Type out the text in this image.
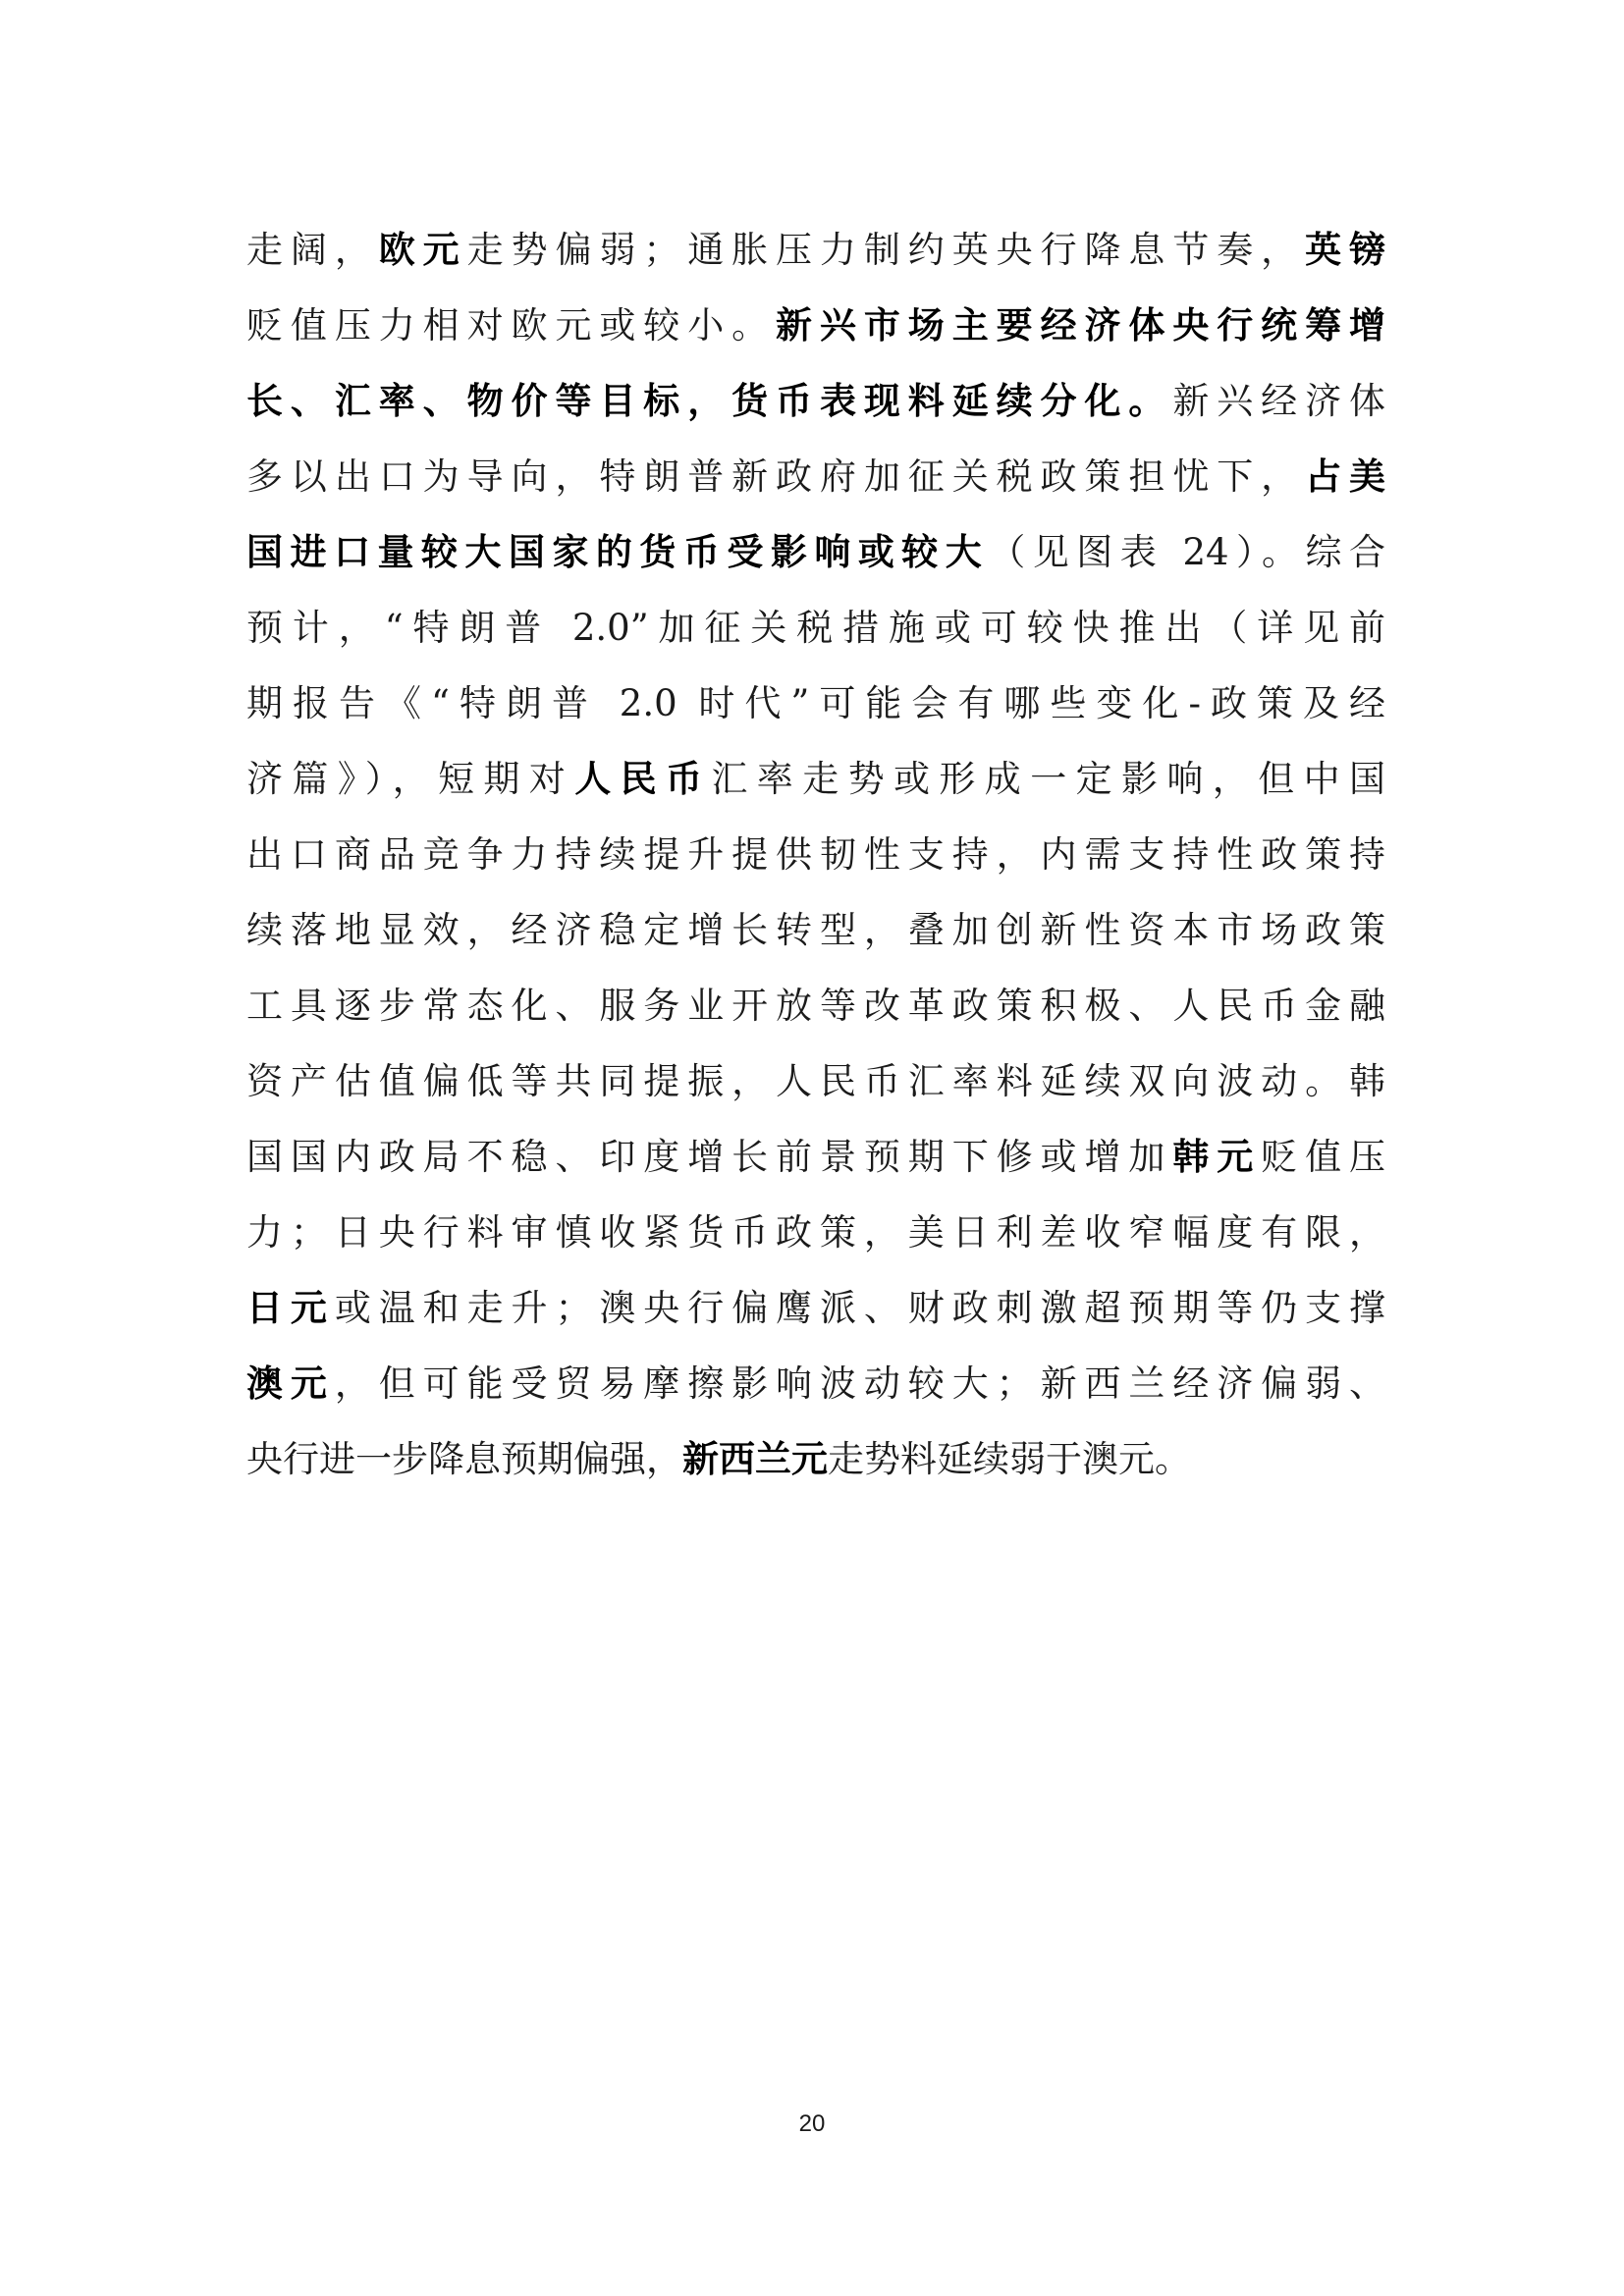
走阔，欧元走势偏弱；通胀压力制约英央行降息节奏，英镑
贬值压力相对欧元或较小。新兴市场主要经济体央行统筹增
长、汇率、物价等目标，货币表现料延续分化。新兴经济体
多以出口为导向，特朗普新政府加征关税政策担忧下，占美
国进口量较大国家的货币受影响或较大（见图表 24）。综合
预计，“特朗普 2.0”加征关税措施或可较快推出（详见前
期报告《“特朗普 2.0 时代”可能会有哪些变化-政策及经
济篇》），短期对人民币汇率走势或形成一定影响，但中国
出口商品竞争力持续提升提供韧性支持，内需支持性政策持
续落地显效，经济稳定增长转型，叠加创新性资本市场政策
工具逐步常态化、服务业开放等改革政策积极、人民币金融
资产估值偏低等共同提振，人民币汇率料延续双向波动。韩
国国内政局不稳、印度增长前景预期下修或增加韩元贬值压
力；日央行料审慎收紧货币政策，美日利差收窄幅度有限，
日元或温和走升；澳央行偏鹰派、财政刺激超预期等仍支撑
澳元，但可能受贸易摩擦影响波动较大；新西兰经济偏弱、
央行进一步降息预期偏强，新西兰元走势料延续弱于澳元。
20
